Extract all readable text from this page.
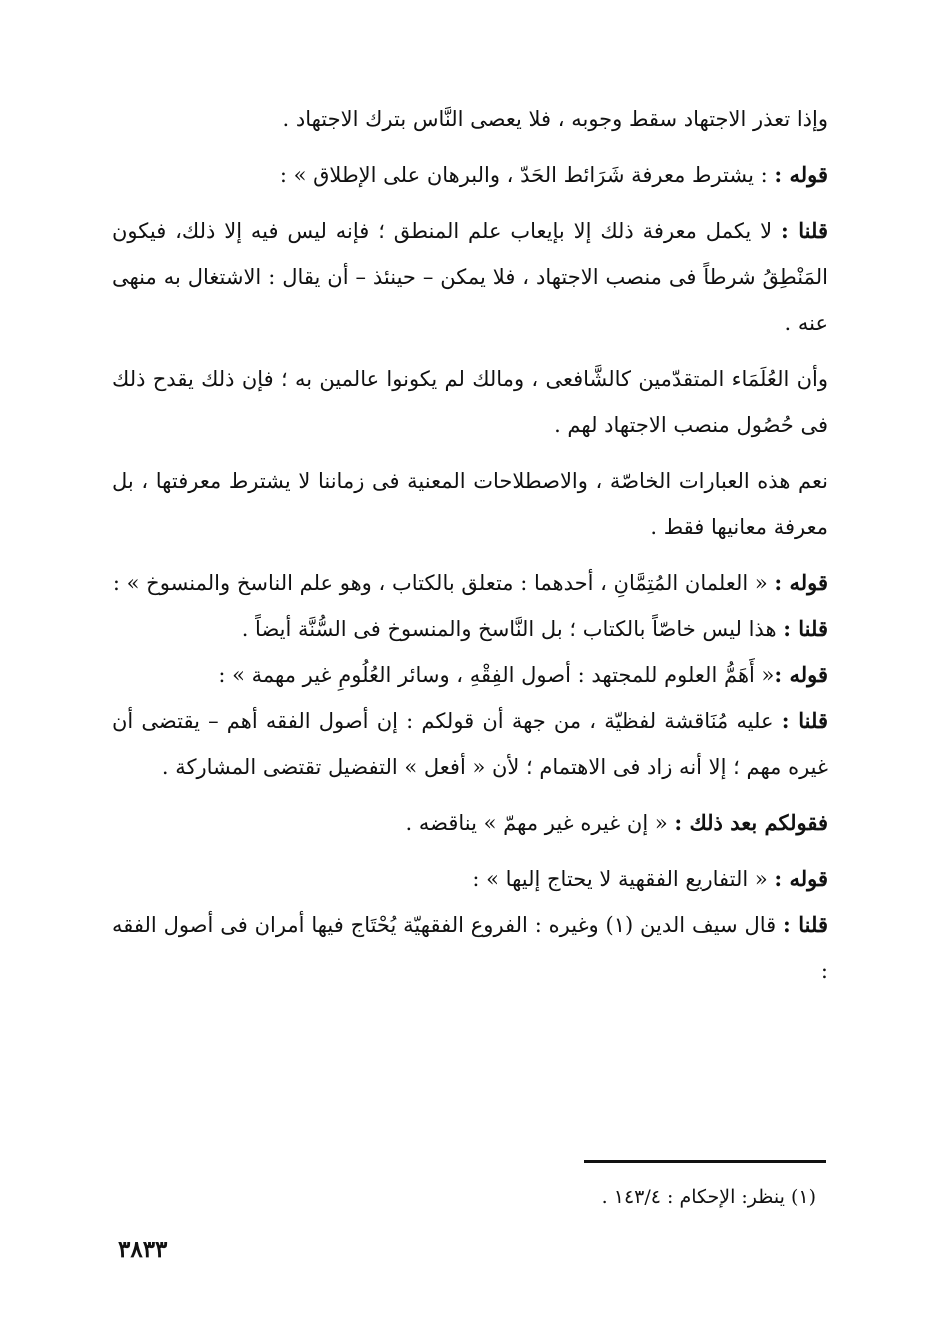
وإذا تعذر الاجتهاد سقط وجوبه ، فلا يعصى النَّاس بترك الاجتهاد .

قوله : : يشترط معرفة شَرَائط الحَدّ ، والبرهان على الإطلاق » :

قلنا : لا يكمل معرفة ذلك إلا بإيعاب علم المنطق ؛ فإنه ليس فيه إلا ذلك، فيكون المَنْطِقُ شرطاً فى منصب الاجتهاد ، فلا يمكن – حينئذ – أن يقال : الاشتغال به منهى عنه .

وأن العُلَمَاء المتقدّمين كالشَّافعى ، ومالك لم يكونوا عالمين به ؛ فإن ذلك يقدح ذلك فى حُصُول منصب الاجتهاد لهم .

نعم هذه العبارات الخاصّة ، والاصطلاحات المعنية فى زماننا لا يشترط معرفتها ، بل معرفة معانيها فقط .

قوله : « العلمان المُتِمَّانِ ، أحدهما : متعلق بالكتاب ، وهو علم الناسخ والمنسوخ » :

قلنا : هذا ليس خاصّاً بالكتاب ؛ بل النَّاسخ والمنسوخ فى السُّنَّة أيضاً .

قوله :« أَهَمُّ العلوم للمجتهد : أصول الفِقْهِ ، وسائر العُلُومِ غير مهمة » :

قلنا : عليه مُنَاقشة لفظيّة ، من جهة أن قولكم : إن أصول الفقه أهم – يقتضى أن غيره مهم ؛ إلا أنه زاد فى الاهتمام ؛ لأن « أفعل » التفضيل تقتضى المشاركة .

فقولكم بعد ذلك : « إن غيره غير مهمّ » يناقضه .

قوله : « التفاريع الفقهية لا يحتاج إليها » :

قلنا : قال سيف الدين (١) وغيره : الفروع الفقهيّة يُحْتَاج فيها أمران فى أصول الفقه :

(١) ينظر: الإحكام : ١٤٣/٤ .
٣٨٣٣
